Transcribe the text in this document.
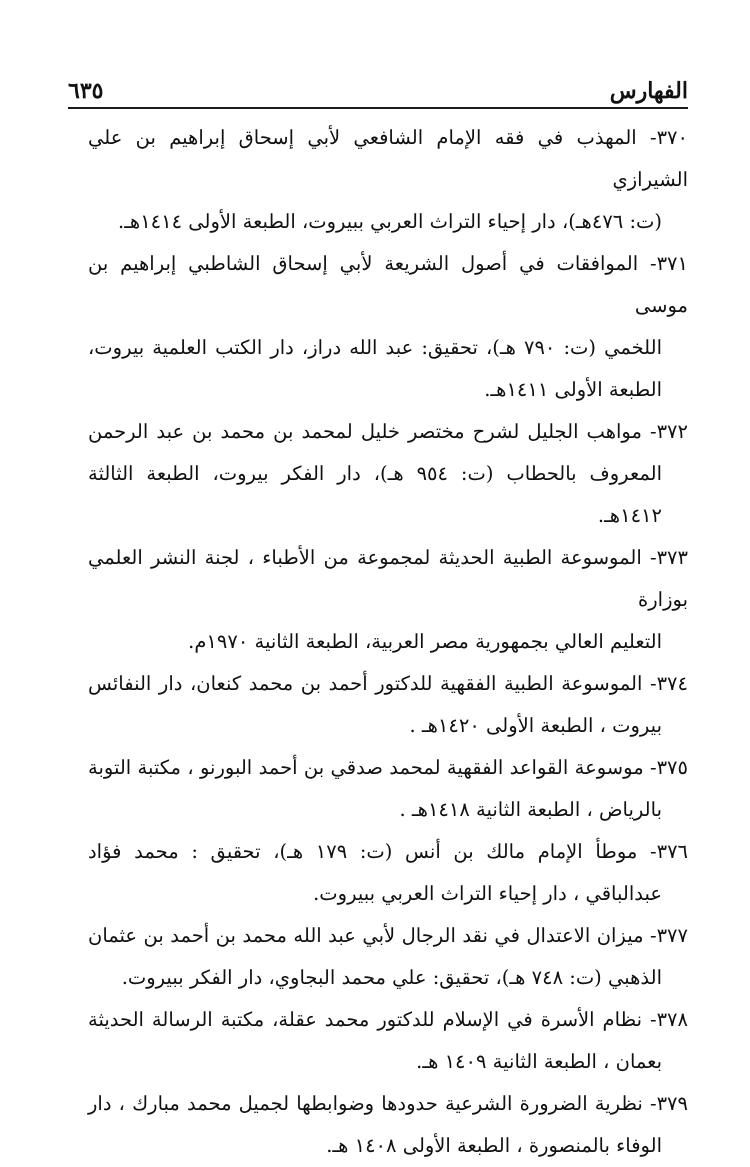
الفهارس
٦٣٥
٣٧٠- المهذب في فقه الإمام الشافعي لأبي إسحاق إبراهيم بن علي الشيرازي
(ت: ٤٧٦هـ)، دار إحياء التراث العربي ببيروت، الطبعة الأولى ١٤١٤هـ.
٣٧١- الموافقات في أصول الشريعة لأبي إسحاق الشاطبي إبراهيم بن موسى
اللخمي (ت: ٧٩٠ هـ)، تحقيق: عبد الله دراز، دار الكتب العلمية بيروت، الطبعة الأولى ١٤١١هـ.
٣٧٢- مواهب الجليل لشرح مختصر خليل لمحمد بن محمد بن عبد الرحمن
المعروف بالحطاب (ت: ٩٥٤ هـ)، دار الفكر بيروت، الطبعة الثالثة ١٤١٢هـ.
٣٧٣- الموسوعة الطبية الحديثة لمجموعة من الأطباء ، لجنة النشر العلمي بوزارة
التعليم العالي بجمهورية مصر العربية، الطبعة الثانية ١٩٧٠م.
٣٧٤- الموسوعة الطبية الفقهية للدكتور أحمد بن محمد كنعان، دار النفائس
بيروت ، الطبعة الأولى ١٤٢٠هـ .
٣٧٥- موسوعة القواعد الفقهية لمحمد صدقي بن أحمد البورنو ، مكتبة التوبة
بالرياض ، الطبعة الثانية ١٤١٨هـ .
٣٧٦- موطأ الإمام مالك بن أنس (ت: ١٧٩ هـ)، تحقيق : محمد فؤاد
عبدالباقي ، دار إحياء التراث العربي ببيروت.
٣٧٧- ميزان الاعتدال في نقد الرجال لأبي عبد الله محمد بن أحمد بن عثمان
الذهبي (ت: ٧٤٨ هـ)، تحقيق: علي محمد البجاوي، دار الفكر ببيروت.
٣٧٨- نظام الأسرة في الإسلام للدكتور محمد عقلة، مكتبة الرسالة الحديثة
بعمان ، الطبعة الثانية ١٤٠٩ هـ.
٣٧٩- نظرية الضرورة الشرعية حدودها وضوابطها لجميل محمد مبارك ، دار
الوفاء بالمنصورة ، الطبعة الأولى ١٤٠٨ هـ.
